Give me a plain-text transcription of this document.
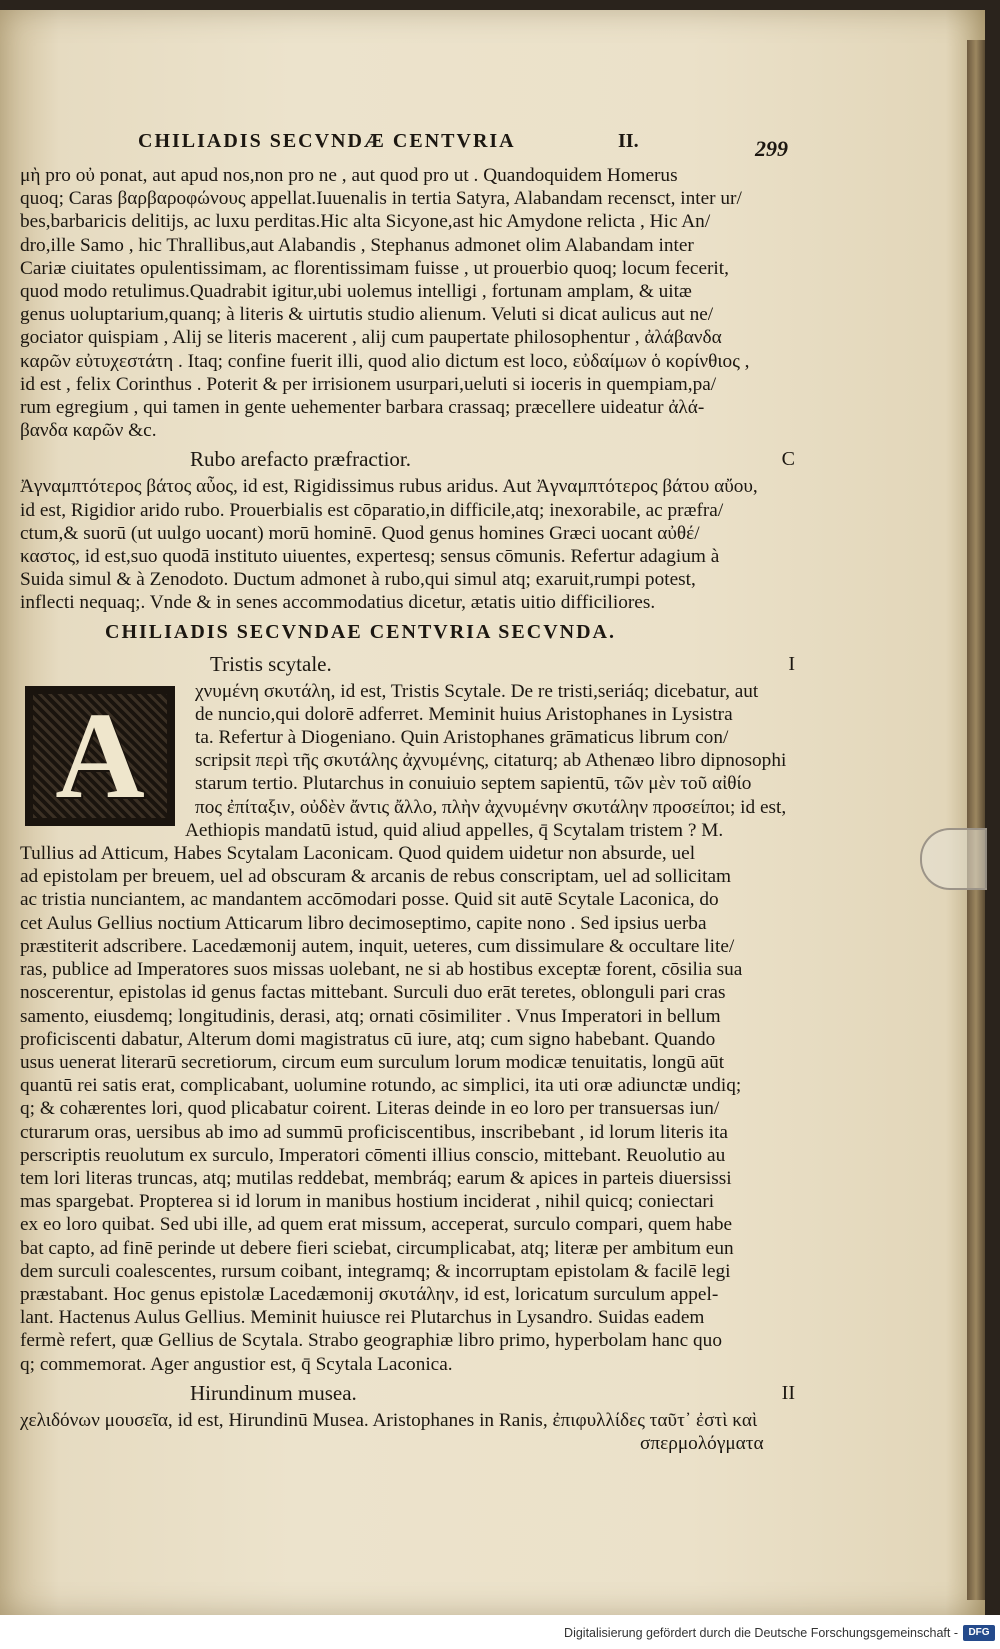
CHILIADIS SECVNDÆ CENTVRIA	II.	299
μὴ pro οὐ ponat, aut apud nos,non pro ne , aut quod pro ut . Quandoquidem Homerus
quoq; Caras βαρβαροφώνους appellat.Iuuenalis in tertia Satyra, Alabandam recensct, inter ur/
bes,barbaricis delitijs, ac luxu perditas.Hic alta Sicyone,ast hic Amydone relicta , Hic An/
dro,ille Samo , hic Thrallibus,aut Alabandis , Stephanus admonet olim Alabandam inter
Cariæ ciuitates opulentissimam, ac florentissimam fuisse , ut prouerbio quoq; locum fecerit,
quod modo retulimus.Quadrabit igitur,ubi uolemus intelligi , fortunam amplam, & uitæ
genus uoluptarium,quanq; à literis & uirtutis studio alienum. Veluti si dicat aulicus aut ne/
gociator quispiam , Alij se literis macerent , alij cum paupertate philosophentur , ἀλάβανδα
καρῶν εὐτυχεστάτη . Itaq; confine fuerit illi, quod alio dictum est loco, εὐδαίμων ὁ κορίνθιος ,
id est , felix Corinthus . Poterit & per irrisionem usurpari,ueluti si ioceris in quempiam,pa/
rum egregium , qui tamen in gente uehementer barbara crassaq; præcellere uideatur ἀλά-
βανδα καρῶν &c.
Rubo arefacto præfractior.	C
Ἀγναμπτότερος βάτος αὖος, id est, Rigidissimus rubus aridus. Aut Ἀγναμπτότερος βάτου αὔου,
id est, Rigidior arido rubo. Prouerbialis est cōparatio,in difficile,atq; inexorabile, ac præfra/
ctum,& suorū (ut uulgo uocant) morū hominē. Quod genus homines Græci uocant αὐθέ/
καστος, id est,suo quodā instituto uiuentes, expertesq; sensus cōmunis. Refertur adagium à
Suida simul & à Zenodoto. Ductum admonet à rubo,qui simul atq; exaruit,rumpi potest,
inflecti nequaq;. Vnde & in senes accommodatius dicetur, ætatis uitio difficiliores.
CHILIADIS SECVNDAE CENTVRIA SECVNDA.
Tristis scytale.	I
A	χνυμένη σκυτάλη, id est, Tristis Scytale. De re tristi,seriáq; dicebatur, aut
de nuncio,qui dolorē adferret. Meminit huius Aristophanes in Lysistra
ta. Refertur à Diogeniano. Quin Aristophanes grāmaticus librum con/
scripsit περὶ τῆς σκυτάλης ἀχνυμένης, citaturq; ab Athenæo libro dipnosophi
starum tertio. Plutarchus in conuiuio septem sapientū, τῶν μὲν τοῦ αἰθίο
πος ἐπίταξιν, οὐδὲν ἄντις ἄλλο, πλὴν ἀχνυμένην σκυτάλην προσείποι; id est,
Aethiopis mandatū istud, quid aliud appelles, q̄ Scytalam tristem ? M.
Tullius ad Atticum, Habes Scytalam Laconicam. Quod quidem uidetur non absurde, uel
ad epistolam per breuem, uel ad obscuram & arcanis de rebus conscriptam, uel ad sollicitam
ac tristia nunciantem, ac mandantem accōmodari posse. Quid sit autē Scytale Laconica, do
cet Aulus Gellius noctium Atticarum libro decimoseptimo, capite nono . Sed ipsius uerba
præstiterit adscribere. Lacedæmonij autem, inquit, ueteres, cum dissimulare & occultare lite/
ras, publice ad Imperatores suos missas uolebant, ne si ab hostibus exceptæ forent, cōsilia sua
noscerentur, epistolas id genus factas mittebant. Surculi duo erāt teretes, oblonguli pari cras
samento, eiusdemq; longitudinis, derasi, atq; ornati cōsimiliter . Vnus Imperatori in bellum
proficiscenti dabatur, Alterum domi magistratus cū iure, atq; cum signo habebant. Quando
usus uenerat literarū secretiorum, circum eum surculum lorum modicæ tenuitatis, longū aūt
quantū rei satis erat, complicabant, uolumine rotundo, ac simplici, ita uti oræ adiunctæ undiq;
q; & cohærentes lori, quod plicabatur coirent. Literas deinde in eo loro per transuersas iun/
cturarum oras, uersibus ab imo ad summū proficiscentibus, inscribebant , id lorum literis ita
perscriptis reuolutum ex surculo, Imperatori cōmenti illius conscio, mittebant. Reuolutio au
tem lori literas truncas, atq; mutilas reddebat, membráq; earum & apices in parteis diuersissi
mas spargebat. Propterea si id lorum in manibus hostium inciderat , nihil quicq; coniectari
ex eo loro quibat. Sed ubi ille, ad quem erat missum, acceperat, surculo compari, quem habe
bat capto, ad finē perinde ut debere fieri sciebat, circumplicabat, atq; literæ per ambitum eun
dem surculi coalescentes, rursum coibant, integramq; & incorruptam epistolam & facilē legi
præstabant. Hoc genus epistolæ Lacedæmonij σκυτάλην, id est, loricatum surculum appel-
lant. Hactenus Aulus Gellius. Meminit huiusce rei Plutarchus in Lysandro. Suidas eadem
fermè refert, quæ Gellius de Scytala. Strabo geographiæ libro primo, hyperbolam hanc quo
q; commemorat. Ager angustior est, q̄ Scytala Laconica.
Hirundinum musea.	II
χελιδόνων μουσεῖα, id est, Hirundinū Musea. Aristophanes in Ranis, ἐπιφυλλίδες ταῦτ᾽ ἐστὶ καὶ
σπερμολόγματα
Digitalisierung gefördert durch die Deutsche Forschungsgemeinschaft -	DFG
